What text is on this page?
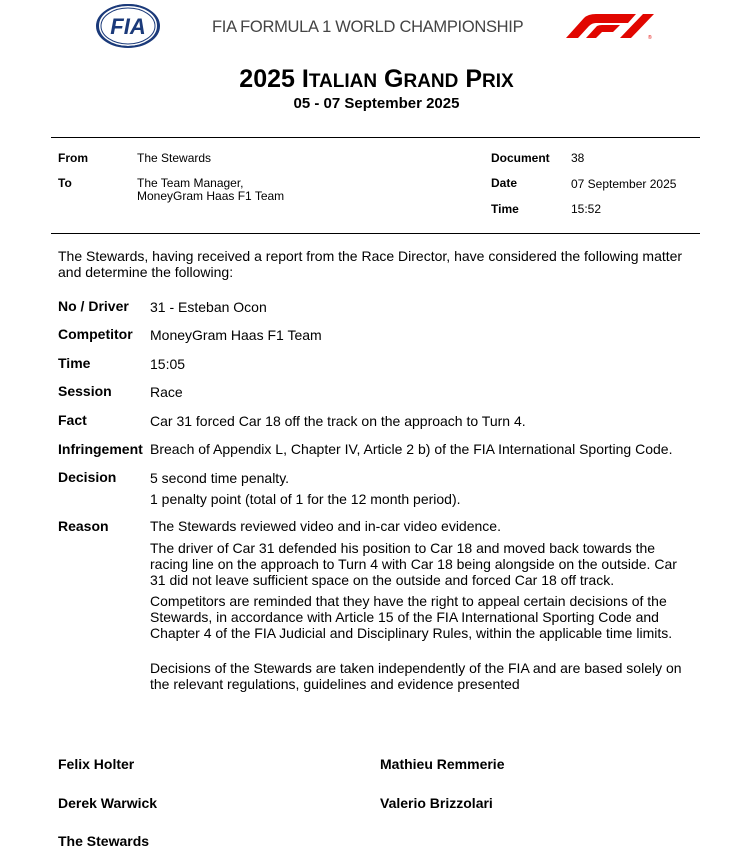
FIA	FIA FORMULA 1 WORLD CHAMPIONSHIP
®
2025 ITALIAN GRAND PRIX
05 - 07 September 2025
From	The Stewards
To	The Team Manager,
MoneyGram Haas F1 Team
Document 38
Date	07 September 2025
Time	15:52
The Stewards, having received a report from the Race Director, have considered the following matter and determine the following:
No / Driver 31 - Esteban Ocon
Competitor MoneyGram Haas F1 Team
Time	15:05
Session	Race
Fact	Car 31 forced Car 18 off the track on the approach to Turn 4.
Infringement Breach of Appendix L, Chapter IV, Article 2 b) of the FIA International Sporting Code.
Decision 5 second time penalty.
1 penalty point (total of 1 for the 12 month period).
Reason	The Stewards reviewed video and in-car video evidence.
The driver of Car 31 defended his position to Car 18 and moved back towards the racing line on the approach to Turn 4 with Car 18 being alongside on the outside. Car 31 did not leave sufficient space on the outside and forced Car 18 off track.
Competitors are reminded that they have the right to appeal certain decisions of the Stewards, in accordance with Article 15 of the FIA International Sporting Code and Chapter 4 of the FIA Judicial and Disciplinary Rules, within the applicable time limits.
Decisions of the Stewards are taken independently of the FIA and are based solely on the relevant regulations, guidelines and evidence presented
Felix Holter	Mathieu Remmerie
Derek Warwick	Valerio Brizzolari
The Stewards
